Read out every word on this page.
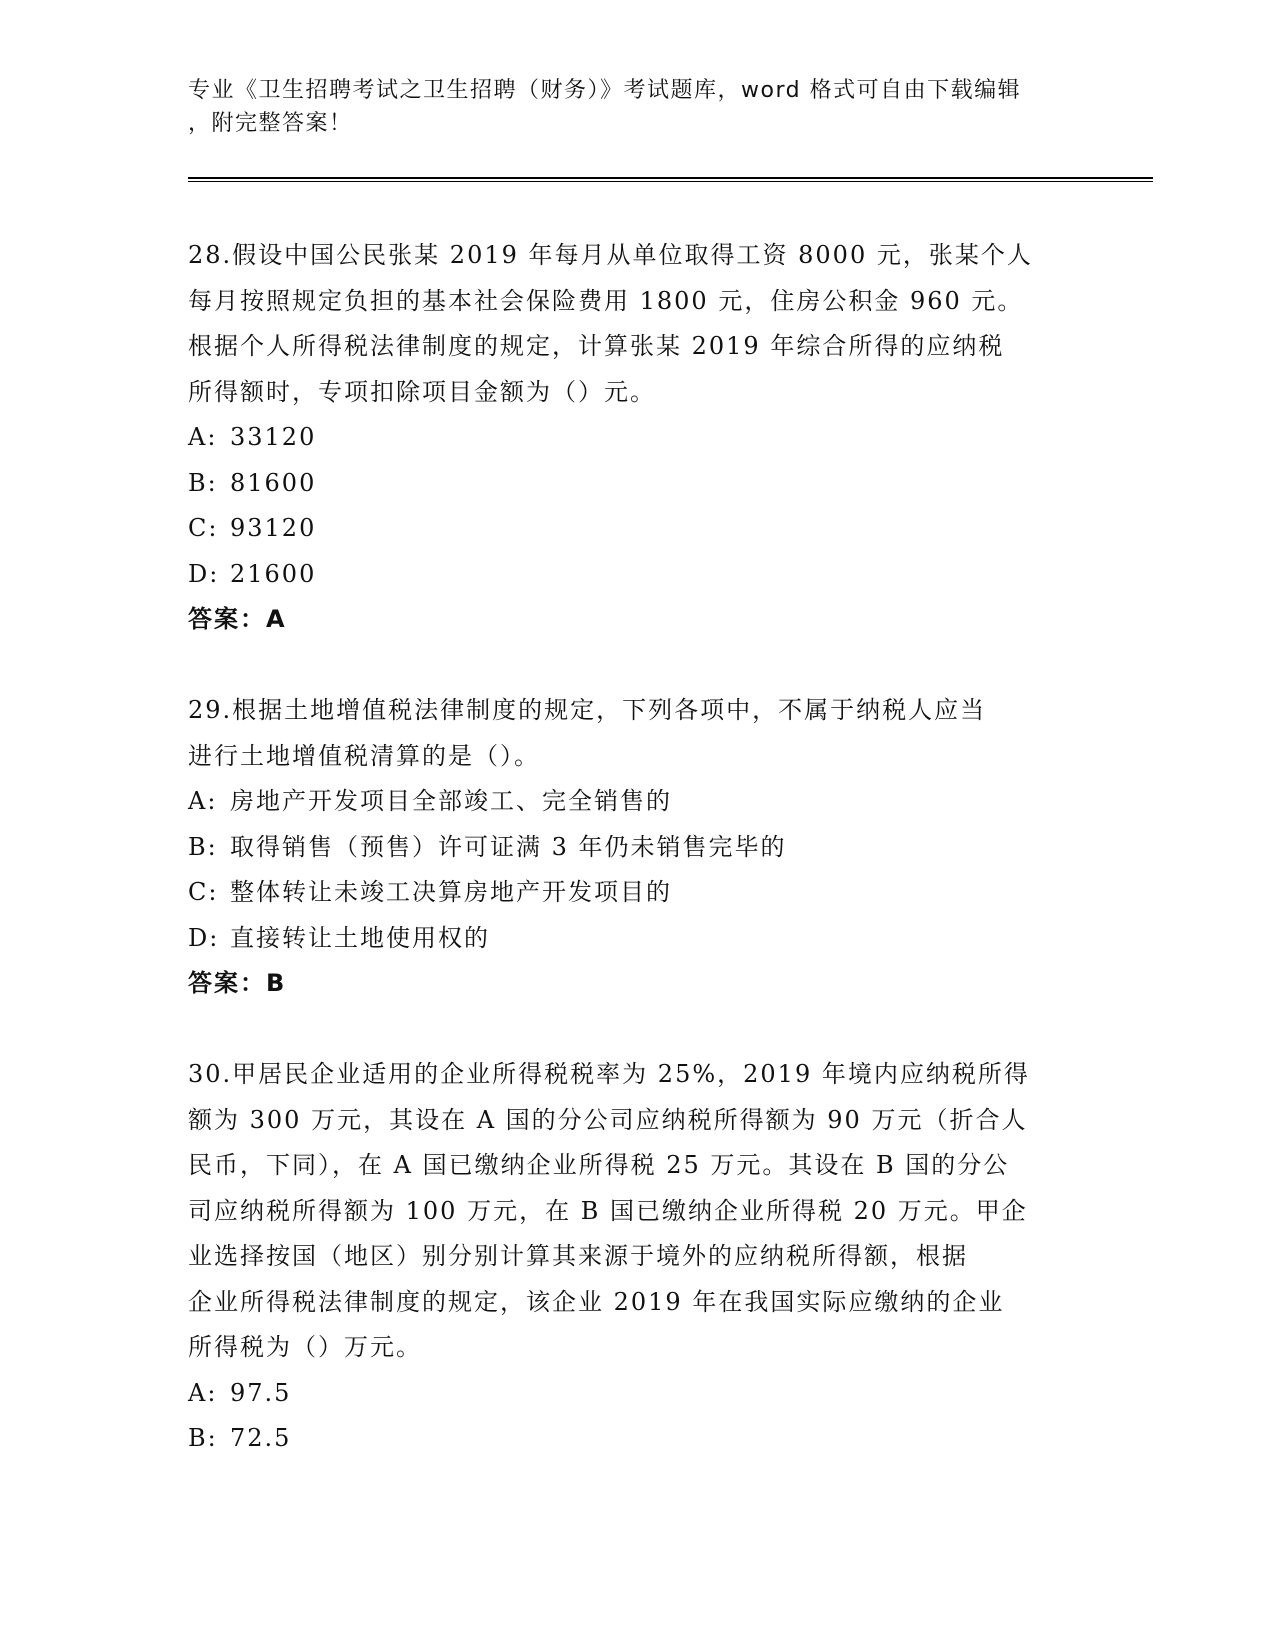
专业《卫生招聘考试之卫生招聘（财务）》考试题库，word 格式可自由下载编辑
，附完整答案！

28.假设中国公民张某 2019 年每月从单位取得工资 8000 元，张某个人
每月按照规定负担的基本社会保险费用 1800 元，住房公积金 960 元。
根据个人所得税法律制度的规定，计算张某 2019 年综合所得的应纳税
所得额时，专项扣除项目金额为（）元。

A: 33120
B: 81600
C: 93120
D: 21600
答案：A

29.根据土地增值税法律制度的规定，下列各项中，不属于纳税人应当
进行土地增值税清算的是（）。

A: 房地产开发项目全部竣工、完全销售的
B: 取得销售（预售）许可证满 3 年仍未销售完毕的
C: 整体转让未竣工决算房地产开发项目的
D: 直接转让土地使用权的
答案：B

30.甲居民企业适用的企业所得税税率为 25%，2019 年境内应纳税所得
额为 300 万元，其设在 A 国的分公司应纳税所得额为 90 万元（折合人
民币，下同），在 A 国已缴纳企业所得税 25 万元。其设在 B 国的分公
司应纳税所得额为 100 万元，在 B 国已缴纳企业所得税 20 万元。甲企
业选择按国（地区）别分别计算其来源于境外的应纳税所得额，根据
企业所得税法律制度的规定，该企业 2019 年在我国实际应缴纳的企业
所得税为（）万元。

A: 97.5
B: 72.5
